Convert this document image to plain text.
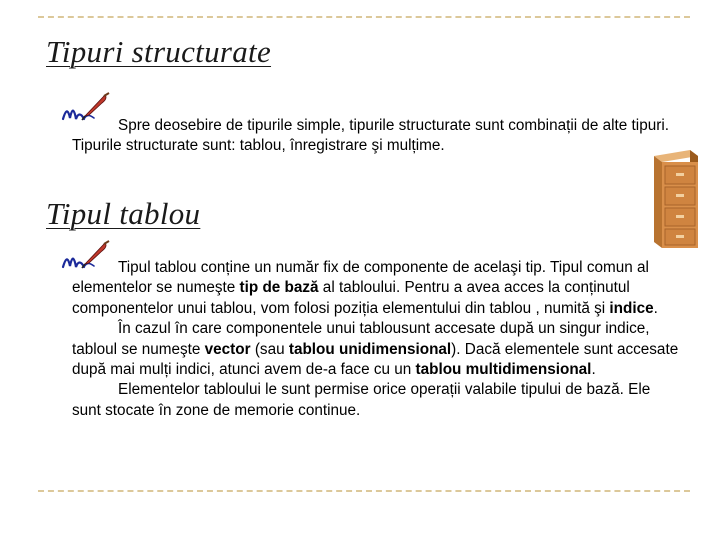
Tipuri structurate

Spre deosebire de tipurile simple, tipurile structurate sunt combinații de alte tipuri. Tipurile structurate sunt: tablou, înregistrare şi mulțime.

Tipul tablou

Tipul tablou conține un număr fix de componente de acelaşi tip. Tipul comun al elementelor se numeşte tip de bază al tabloului. Pentru a avea acces la conținutul componentelor unui tablou, vom folosi poziția elementului din tablou , numită şi indice.

În cazul în care componentele unui tablousunt accesate după un singur indice, tabloul se numeşte vector (sau tablou unidimensional). Dacă elementele sunt accesate după mai mulți indici, atunci avem de-a face cu un tablou multidimensional.

Elementelor tabloului le sunt permise orice operații valabile tipului de bază. Ele sunt stocate în zone de memorie continue.
